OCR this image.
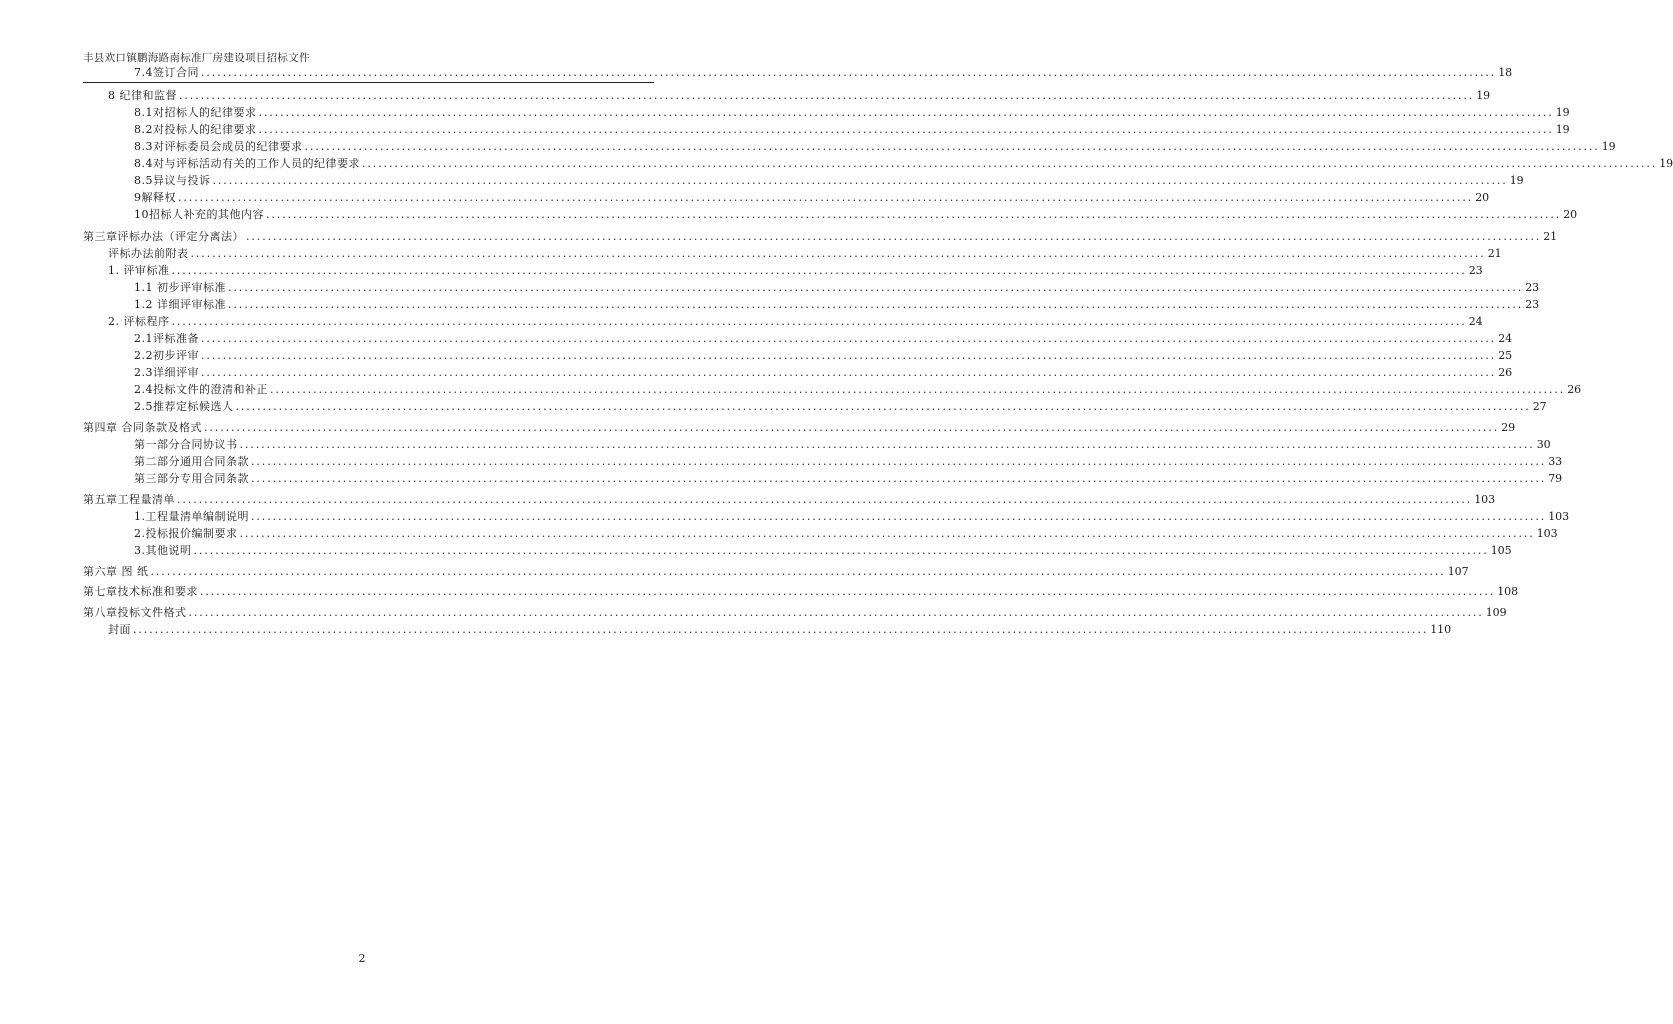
丰县欢口镇鹏海路南标准厂房建设项目招标文件
7.4签订合同 ................................................................................................................................................................................................................................................ 18
8 纪律和监督 ................................................................................................................................................................................................................................................ 19
8.1对招标人的纪律要求 ................................................................................................................................................................................................................................................ 19
8.2对投标人的纪律要求 ................................................................................................................................................................................................................................................ 19
8.3对评标委员会成员的纪律要求 ................................................................................................................................................................................................................................................ 19
8.4对与评标活动有关的工作人员的纪律要求 ................................................................................................................................................................................................................................................ 19
8.5异议与投诉 ................................................................................................................................................................................................................................................ 19
9解释权 ................................................................................................................................................................................................................................................ 20
10招标人补充的其他内容 ................................................................................................................................................................................................................................................ 20
第三章评标办法（评定分离法） ................................................................................................................................................................................................................................................ 21
评标办法前附表 ................................................................................................................................................................................................................................................ 21
1. 评审标准 ................................................................................................................................................................................................................................................ 23
1.1 初步评审标准 ................................................................................................................................................................................................................................................ 23
1.2 详细评审标准 ................................................................................................................................................................................................................................................ 23
2. 评标程序 ................................................................................................................................................................................................................................................ 24
2.1评标准备 ................................................................................................................................................................................................................................................ 24
2.2初步评审 ................................................................................................................................................................................................................................................ 25
2.3详细评审 ................................................................................................................................................................................................................................................ 26
2.4投标文件的澄清和补正 ................................................................................................................................................................................................................................................ 26
2.5推荐定标候选人 ................................................................................................................................................................................................................................................ 27
第四章 合同条款及格式 ................................................................................................................................................................................................................................................ 29
第一部分合同协议书 ................................................................................................................................................................................................................................................ 30
第二部分通用合同条款 ................................................................................................................................................................................................................................................ 33
第三部分专用合同条款 ................................................................................................................................................................................................................................................ 79
第五章工程量清单 ................................................................................................................................................................................................................................................ 103
1.工程量清单编制说明 ................................................................................................................................................................................................................................................ 103
2.投标报价编制要求 ................................................................................................................................................................................................................................................ 103
3.其他说明 ................................................................................................................................................................................................................................................ 105
第六章 图 纸 ................................................................................................................................................................................................................................................ 107
第七章技术标准和要求 ................................................................................................................................................................................................................................................ 108
第八章投标文件格式 ................................................................................................................................................................................................................................................ 109
封面 ................................................................................................................................................................................................................................................ 110
2
